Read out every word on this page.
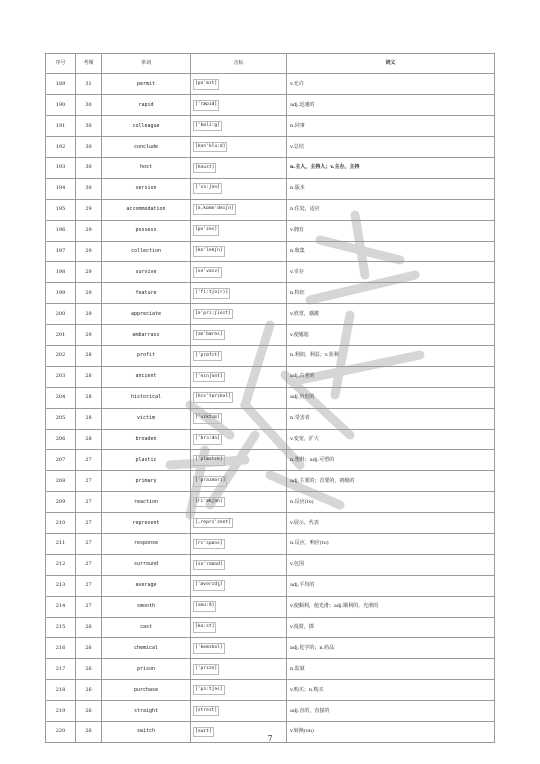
序号	考频	单词	音标	词义
189	31	permit	[pə'mɪt]	v.允许
190	30	rapid	['ræpɪd]	adj.迅速的
191	30	colleague	['kɒli:g]	n.同事
192	30	conclude	[kən'klu:d]	v.总结
193	30	host	[həust]	n.主人，主持人；v.主办，主持
194	30	version	['vɜ:ʃən]	n.版本
195	29	accommodation	[ə,kɒmə'deɪʃn]	n.住处，适应
196	29	possess	[pə'zes]	v.拥有
197	29	collection	[kə'lekʃn]	n.收集
198	29	survive	[sə'vaɪv]	v.幸存
199	29	feature	['fi:tʃə(r)]	n.特征
200	29	appreciate	[ə'pri:ʃieɪt]	v.欣赏，感激
201	29	embarrass	[ɪm'bærəs]	v.使尴尬
202	28	profit	['prɒfɪt]	n.利润，利益；v.获利
203	28	ancient	['eɪnʃənt]	adj.古老的
204	28	historical	[hɪs'tɒrɪkəl]	adj.历史的
205	28	victim	['vɪktɪm]	n.受害者
206	28	broaden	['brɔ:dn]	v.变宽，扩大
207	27	plastic	['plæstɪk]	n.塑料；adj.可塑的
208	27	primary	['praɪmərɪ]	adj.主要的；首要的，初级的
209	27	reaction	[ri'ækʃən]	n.反应(to)
210	27	represent	[,reprɪ'zent]	v.展示，代表
211	27	response	[rɪ'spɒns]	n.反应，响应(to)
212	27	surround	[sə'raʊnd]	v.包围
213	27	average	['ævərɪdʒ]	adj.平均的
214	27	smooth	[smu:ð]	v.使顺利，使光滑；adj.顺利的，光滑的
215	26	cast	[kɑ:st]	v.投射，掷
216	26	chemical	['kemɪkəl]	adj.化学的；n.药品
217	26	prison	['prɪzn]	n.监狱
218	26	purchase	['pɜ:tʃəs]	v.购买；n.购买
219	26	straight	[streɪt]	adj.直的，直接的
220	26	switch	[swɪt]	v.转换(on)
7
